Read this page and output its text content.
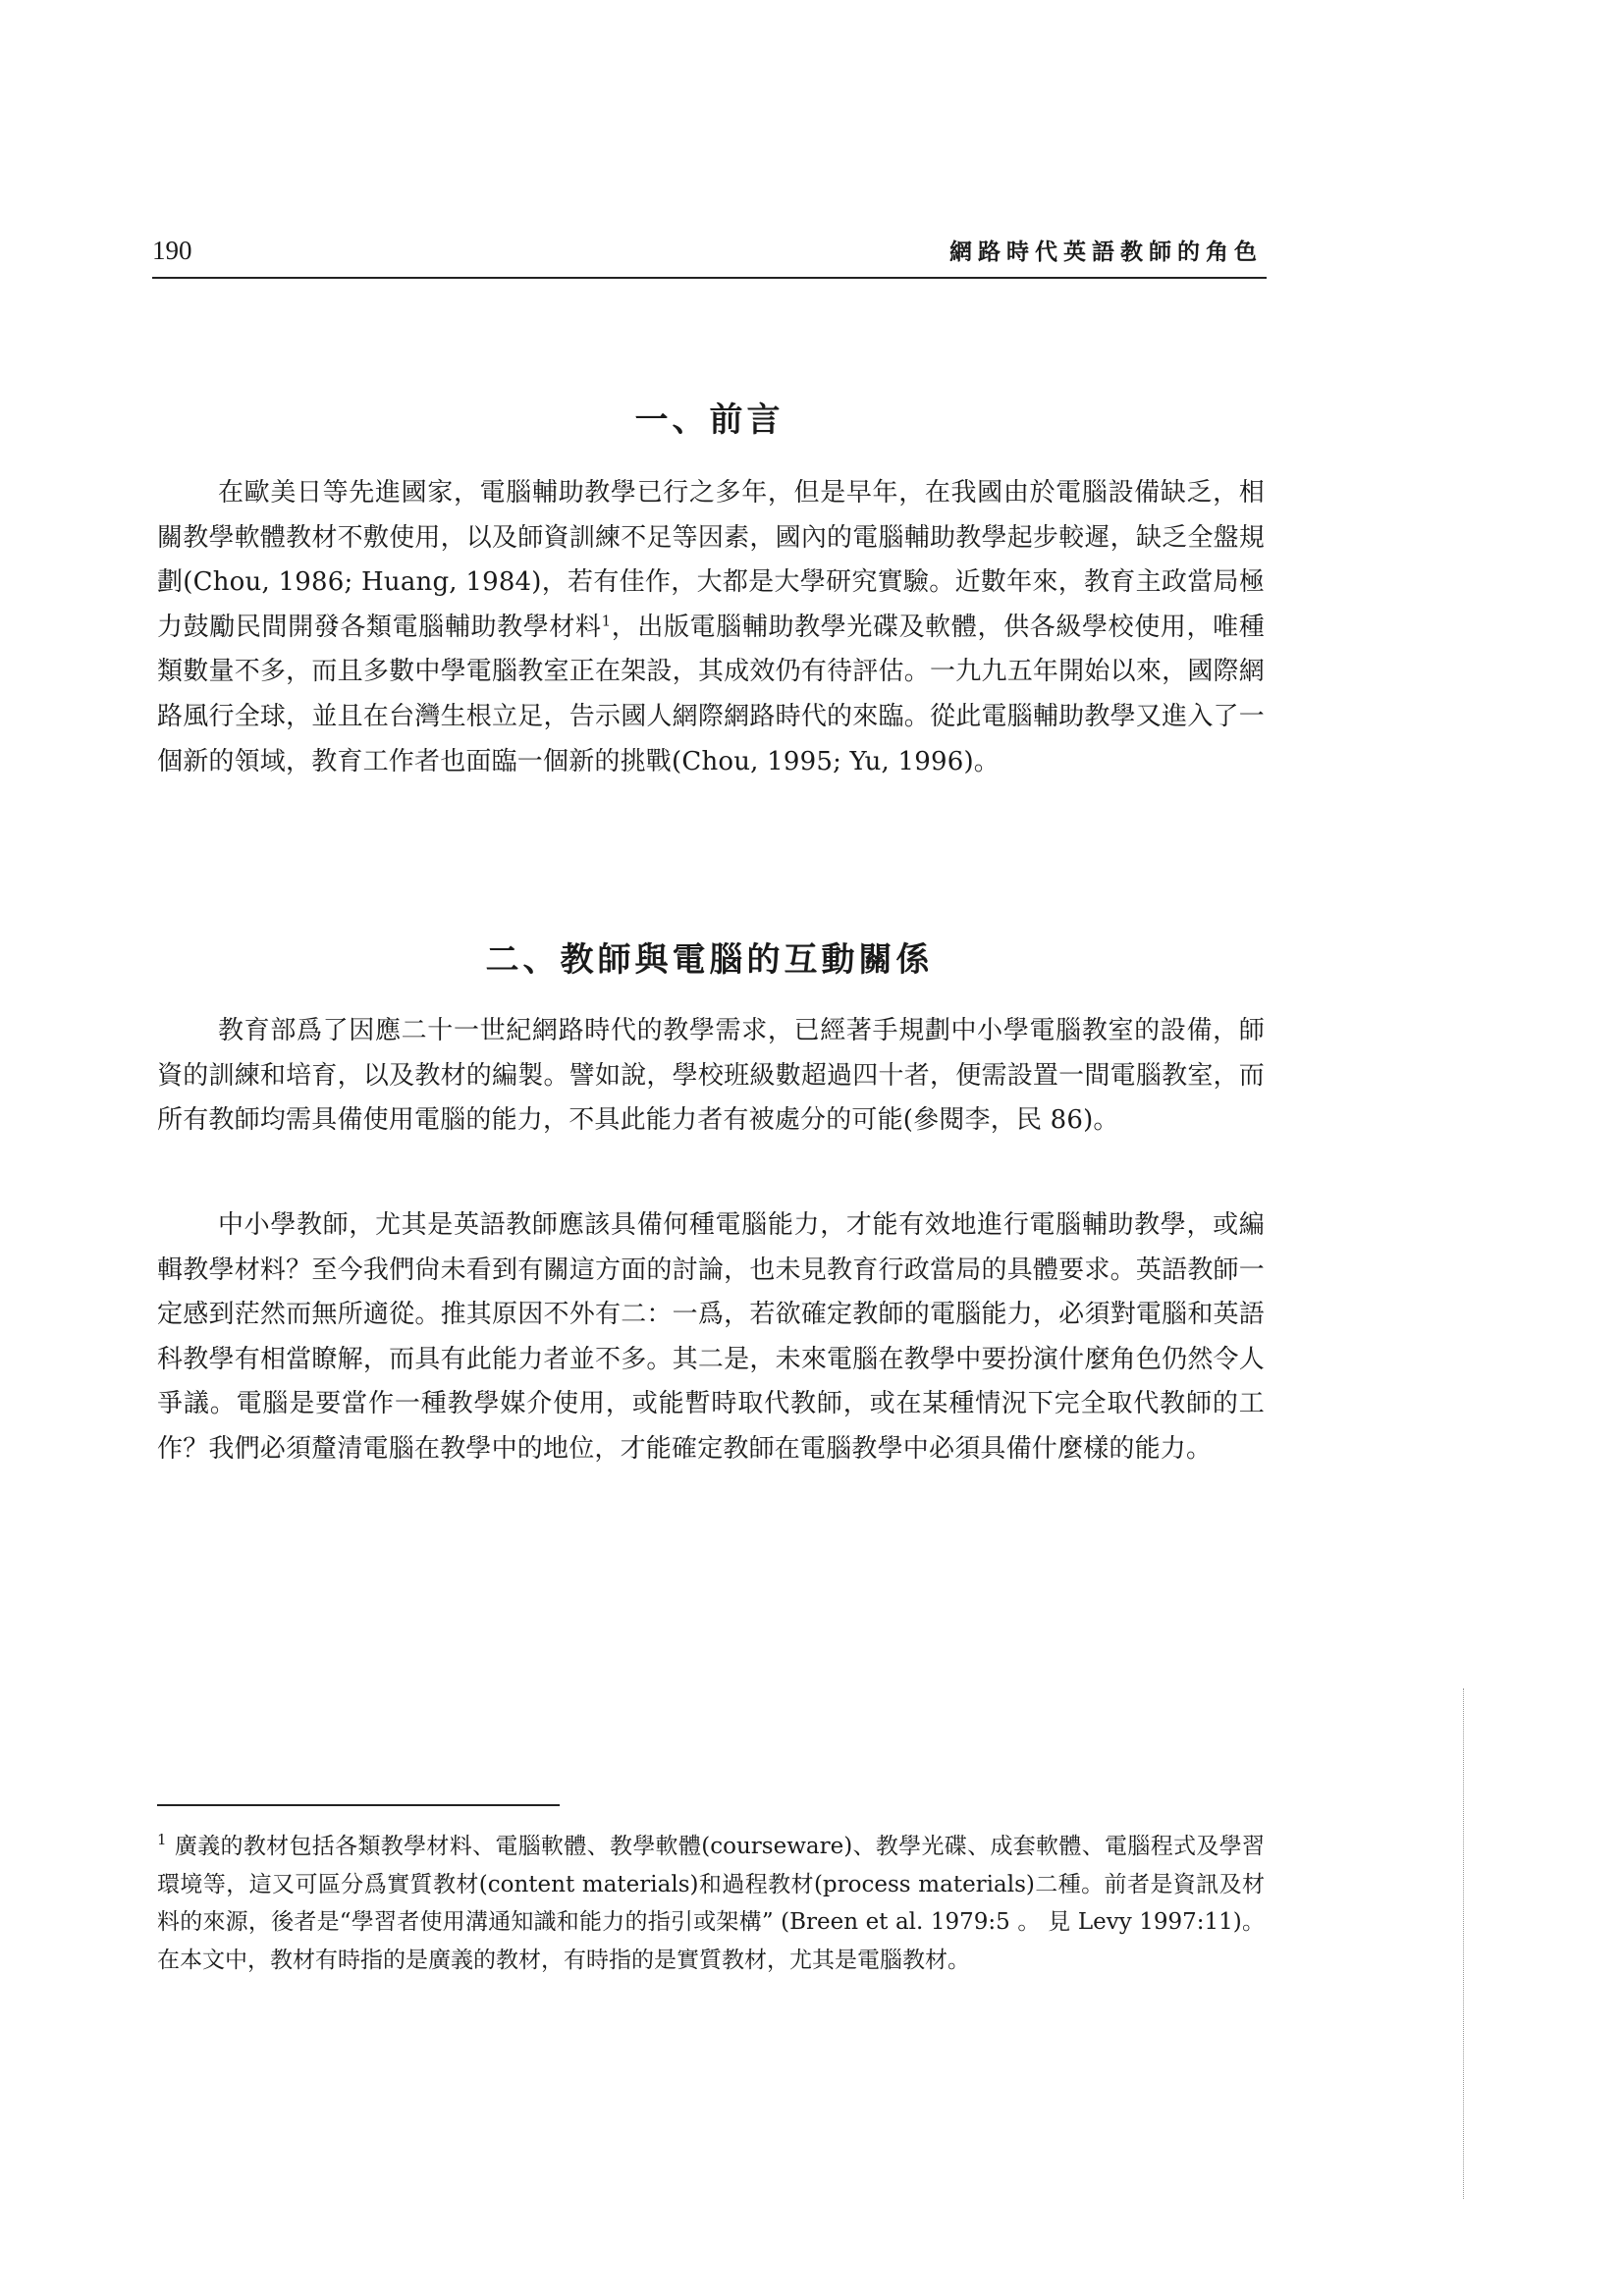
190	網路時代英語教師的角色
一、前言

在歐美日等先進國家，電腦輔助教學已行之多年，但是早年，在我國由於電腦設備缺乏，相關教學軟體教材不敷使用，以及師資訓練不足等因素，國內的電腦輔助教學起步較遲，缺乏全盤規劃(Chou, 1986; Huang, 1984)，若有佳作，大都是大學研究實驗。近數年來，教育主政當局極力鼓勵民間開發各類電腦輔助教學材料$^1$，出版電腦輔助教學光碟及軟體，供各級學校使用，唯種類數量不多，而且多數中學電腦教室正在架設，其成效仍有待評估。一九九五年開始以來，國際網路風行全球，並且在台灣生根立足，告示國人網際網路時代的來臨。從此電腦輔助教學又進入了一個新的領域，教育工作者也面臨一個新的挑戰(Chou, 1995; Yu, 1996)。

二、教師與電腦的互動關係

教育部爲了因應二十一世紀網路時代的教學需求，已經著手規劃中小學電腦教室的設備，師資的訓練和培育，以及教材的編製。譬如說，學校班級數超過四十者，便需設置一間電腦教室，而所有教師均需具備使用電腦的能力，不具此能力者有被處分的可能(參閱李，民 86)。

中小學教師，尤其是英語教師應該具備何種電腦能力，才能有效地進行電腦輔助教學，或編輯教學材料？至今我們尙未看到有關這方面的討論，也未見教育行政當局的具體要求。英語教師一定感到茫然而無所適從。推其原因不外有二：一爲，若欲確定教師的電腦能力，必須對電腦和英語科教學有相當瞭解，而具有此能力者並不多。其二是，未來電腦在教學中要扮演什麼角色仍然令人爭議。電腦是要當作一種教學媒介使用，或能暫時取代教師，或在某種情況下完全取代教師的工作？我們必須釐清電腦在教學中的地位，才能確定教師在電腦教學中必須具備什麼樣的能力。

$^1$ 廣義的教材包括各類教學材料、電腦軟體、教學軟體(courseware)、教學光碟、成套軟體、電腦程式及學習環境等，這又可區分爲實質教材(content materials)和過程教材(process materials)二種。前者是資訊及材料的來源，後者是“學習者使用溝通知識和能力的指引或架構” (Breen et al. 1979:5 。 見 Levy 1997:11)。 在本文中，教材有時指的是廣義的教材，有時指的是實質教材，尤其是電腦教材。
